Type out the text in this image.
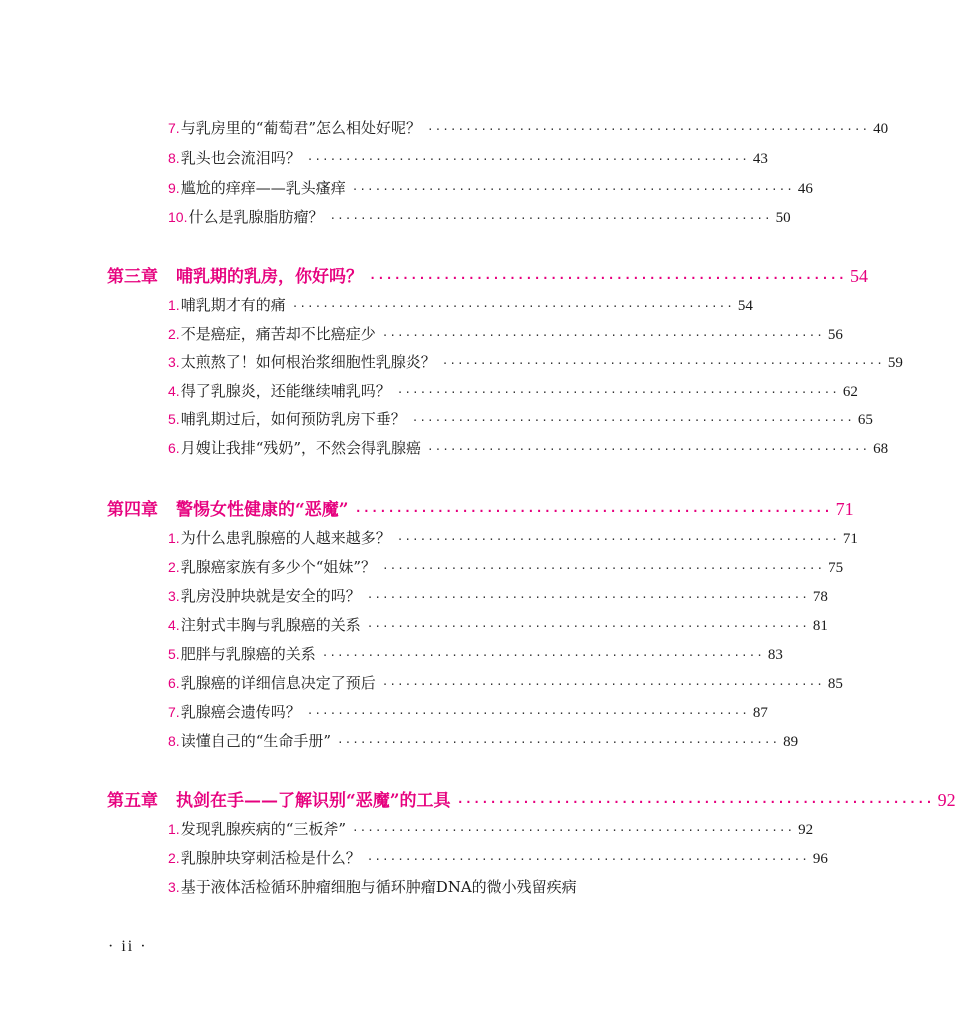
7. 与乳房里的“葡萄君”怎么相处好呢？ ·························································· 40
8. 乳头也会流泪吗？ ·························································· 43
9. 尴尬的痒痒——乳头瘙痒 ·························································· 46
10. 什么是乳腺脂肪瘤？ ·························································· 50
第三章 哺乳期的乳房，你好吗？ ·························································· 54
1. 哺乳期才有的痛 ·························································· 54
2. 不是癌症，痛苦却不比癌症少 ·························································· 56
3. 太煎熬了！如何根治浆细胞性乳腺炎？ ·························································· 59
4. 得了乳腺炎，还能继续哺乳吗？ ·························································· 62
5. 哺乳期过后，如何预防乳房下垂？ ·························································· 65
6. 月嫂让我排“残奶”，不然会得乳腺癌 ·························································· 68
第四章 警惕女性健康的“恶魔” ·························································· 71
1. 为什么患乳腺癌的人越来越多？ ·························································· 71
2. 乳腺癌家族有多少个“姐妹”？ ·························································· 75
3. 乳房没肿块就是安全的吗？ ·························································· 78
4. 注射式丰胸与乳腺癌的关系 ·························································· 81
5. 肥胖与乳腺癌的关系 ·························································· 83
6. 乳腺癌的详细信息决定了预后 ·························································· 85
7. 乳腺癌会遗传吗？ ·························································· 87
8. 读懂自己的“生命手册” ·························································· 89
第五章 执剑在手——了解识别“恶魔”的工具 ·························································· 92
1. 发现乳腺疾病的“三板斧” ·························································· 92
2. 乳腺肿块穿刺活检是什么？ ·························································· 96
3. 基于液体活检循环肿瘤细胞与循环肿瘤DNA的微小残留疾病
· ii ·
